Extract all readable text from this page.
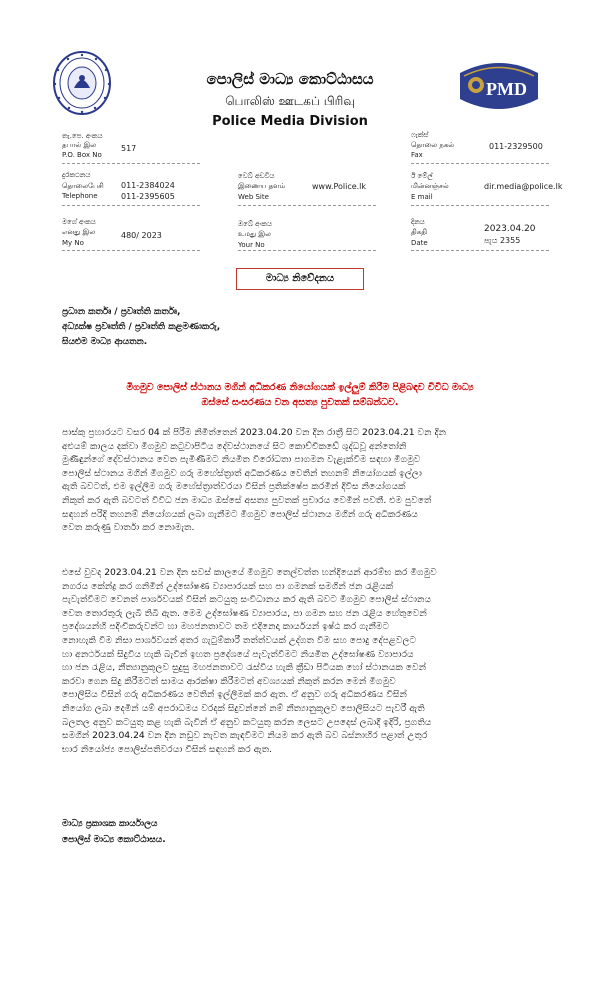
පොලිස් මාධ්‍ය කොට්ඨාසය
பொலிஸ் ஊடகப் பிரிவு
Police Media Division
PMD
තැ.පෙ. අංකය
தபால் இல
P.O. Box No
517
ෆැක්ස්
தொலை நகல்
Fax
011-2329500
දුරකථනය
தொலைபேசி
Telephone
011-2384024
011-2395605
වෙබ් අඩවිය
இணைய தளம்
Web Site
www.Police.lk
ඊ මේල්
மின்னஞ்சல்
E mail
dir.media@police.lk
මගේ අංකය
எனது இல
My No
480/ 2023
ඔබේ අංකය
உமது இல
Your No
දිනය
திகதி
Date
2023.04.20
පැය 2355
මාධ්‍ය නිවේදනය
ප්‍රධාන කර්තෘ / ප්‍රවෘත්ති කර්තෘ,
අධ්‍යක්ෂ ප්‍රවෘත්ති / ප්‍රවෘත්ති කළමණාකරු,
සියළුම මාධ්‍ය ආයතන.
මීගමුව පොලිස් ස්ථානය මගින් අධිකරණ නියෝගයක් ඉල්ලුම් කිරීම පිළිබඳව විවිධ මාධ්‍ය
ඔස්සේ සංසරණය වන අසත්‍ය පුවතක් සම්බන්ධව.
පාස්කු ප්‍රහාරයට වසර 04 ක් පිරීම නිමිත්තෙන් 2023.04.20 වන දින රාත්‍රී සිට 2023.04.21 වන දින
අළුයම් කාලය දක්වා මීගමුව කටුවාපිටිය දේවස්ථානයේ සිට කොච්චිකඩේ ශුද්ධවූ අන්තෝනි
මුණිඳුන්ගේ දේවස්ථානය වෙත පැමිණීමට නියමිත විරෝධතා පාගමන වැළැක්වීම සඳහා මීගමුව
පොලිස් ස්ථානය මගින් මීගමුව ගරු මහේස්ත්‍රාත් අධිකරණය වෙතින් තහනම් නියෝගයක් ඉල්ලා
ඇති බවටත්, එම ඉල්ලීම ගරු මහේස්ත්‍රාත්වරයා විසින් ප්‍රතික්ෂේප කරමින් දිවිස නියෝගයක්
නිකුත් කර ඇති බවටත් විවිධ ජන මාධ්‍ය ඔස්සේ අසත්‍ය පුවතක් ප්‍රචාරය වෙමින් පවතී. එම පුවතේ
සඳහන් පරිදි තහනම් නියෝගයක් ලබා ගැනීමට මීගමුව පොලිස් ස්ථානය මගින් ගරු අධිකරණය
වෙත කරුණු වාර්තා කර නොමැත.
එසේ වුවද 2023.04.21 වන දින සවස් කාලයේ මීගමුව තෙල්වත්ත හන්දියෙන් ආරම්භ කර මීගමුව
නගරය කේන්ද්‍ර කර ගනිමින් උද්ඝෝෂණ ව්‍යාපාරයක් සහ පා ගමනක් සමගින් ජන රැළියක්
පැවැත්වීමට වෙනත් පාර්ශවයක් විසින් කටයුතු සංවිධානය කර ඇති බවට මීගමුව පොලිස් ස්ථානය
වෙත තොරතුරු ලැබී තිබී ඇත. මෙම උද්ඝෝෂණ ව්‍යාපාරය, පා ගමන සහ ජන රැළිය හේතුවෙන්
ප්‍රදේශයන්හි පදිංචිකරුවන්ට හා මහජනතාවට තම එදිනෙදා කාර්යයන් ඉෂ්ඨ කර ගැනීමට
නොහැකි වීම නිසා පාර්ශවයන් අතර ගැටුම්කාරී තත්ත්වයක් උද්ගත වීම සහ පොදු දේපළවලට
හා අනර්ථයක් සිදුවිය හැකි බැවින් ඉහත ප්‍රදේශයේ පැවැත්වීමට නියමිත උද්ඝෝෂණ ව්‍යාපාරය
හා ජන රැළිය, නීත්‍යානුකූලව සුදුසු මහජනතාවට රැස්විය හැකි ක්‍රීඩා පිටියක හෝ ස්ථානයක වෙන්
කරවා ගෙන සිදු කිරීමටත් සාමය ආරක්ෂා කිරීමටත් අවශ්‍යයක් නිකුත් කරන මෙන් මීගමුව
පොලිසිය විසින් ගරු අධිකරණය වෙතින් ඉල්ලීමක් කර ඇත. ඒ අනුව ගරු අධිකරණය විසින්
නියෝග ලබා දෙමින් යම් අපරාධමය වරදක් සිදුවන්නේ නම් නීත්‍යානුකූලව පොලිසියට පැවරී ඇති
බලතල අනුව කටයුතු කළ හැකි බැවින් ඒ අනුව කටයුතු කරන ලෙසට උපදෙස් ලබාදී ඉදිරි, ප්‍රගතිය
සමගින් 2023.04.24 වන දින නඩුව නැවත කැඳවීමට නියම කර ඇති බව බස්නාහිර පළාත් උතුර
භාර නියෝජ්‍ය පොලිස්පතිවරයා විසින් සඳහන් කර ඇත.
මාධ්‍ය ප්‍රකාශක කාර්යාලය
පොලිස් මාධ්‍ය කොට්ඨාසය.
